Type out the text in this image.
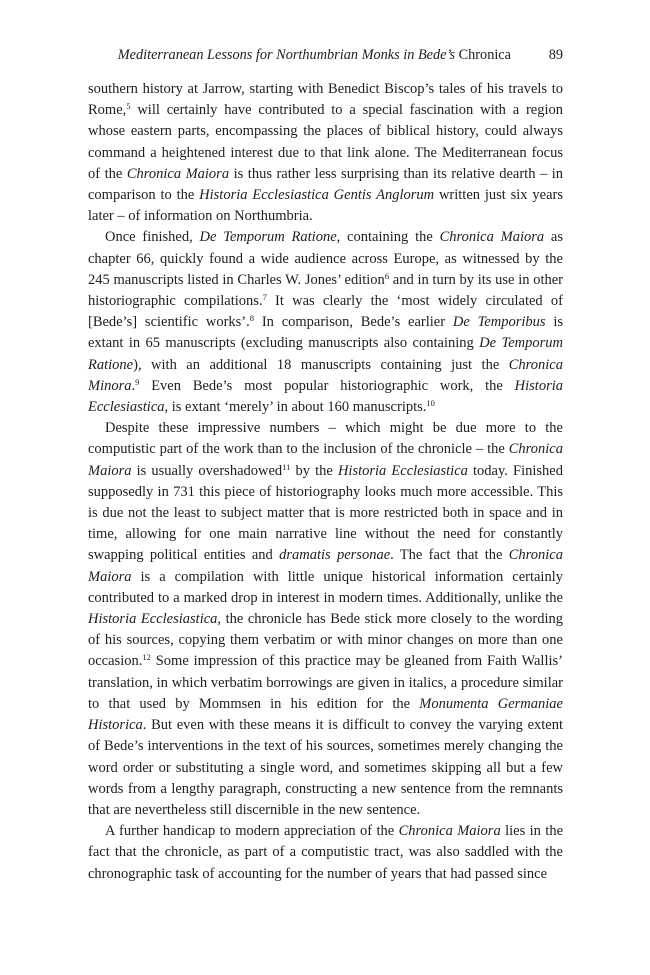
Mediterranean Lessons for Northumbrian Monks in Bede’s Chronica	89

southern history at Jarrow, starting with Benedict Biscop’s tales of his travels to Rome,$^5$ will certainly have contributed to a special fascination with a region whose eastern parts, encompassing the places of biblical history, could always command a heightened interest due to that link alone. The Mediterranean focus of the Chronica Maiora is thus rather less surprising than its relative dearth – in comparison to the Historia Ecclesiastica Gentis Anglorum written just six years later – of information on Northumbria.

Once finished, De Temporum Ratione, containing the Chronica Maiora as chapter 66, quickly found a wide audience across Europe, as witnessed by the 245 manuscripts listed in Charles W. Jones’ edition$^6$ and in turn by its use in other historiographic compilations.$^7$ It was clearly the ‘most widely circulated of [Bede’s] scientific works’.$^8$ In comparison, Bede’s earlier De Temporibus is extant in 65 manuscripts (excluding manuscripts also containing De Temporum Ratione), with an additional 18 manuscripts containing just the Chronica Minora.$^9$ Even Bede’s most popular historiographic work, the Historia Ecclesiastica, is extant ‘merely’ in about 160 manuscripts.$^{10}$

Despite these impressive numbers – which might be due more to the computistic part of the work than to the inclusion of the chronicle – the Chronica Maiora is usually overshadowed$^{11}$ by the Historia Ecclesiastica today. Finished supposedly in 731 this piece of historiography looks much more accessible. This is due not the least to subject matter that is more restricted both in space and in time, allowing for one main narrative line without the need for constantly swapping political entities and dramatis personae. The fact that the Chronica Maiora is a compilation with little unique historical information certainly contributed to a marked drop in interest in modern times. Additionally, unlike the Historia Ecclesiastica, the chronicle has Bede stick more closely to the wording of his sources, copying them verbatim or with minor changes on more than one occasion.$^{12}$ Some impression of this practice may be gleaned from Faith Wallis’ translation, in which verbatim borrowings are given in italics, a procedure similar to that used by Mommsen in his edition for the Monumenta Germaniae Historica. But even with these means it is difficult to convey the varying extent of Bede’s interventions in the text of his sources, sometimes merely changing the word order or substituting a single word, and sometimes skipping all but a few words from a lengthy paragraph, constructing a new sentence from the remnants that are nevertheless still discernible in the new sentence.

A further handicap to modern appreciation of the Chronica Maiora lies in the fact that the chronicle, as part of a computistic tract, was also saddled with the chronographic task of accounting for the number of years that had passed since
